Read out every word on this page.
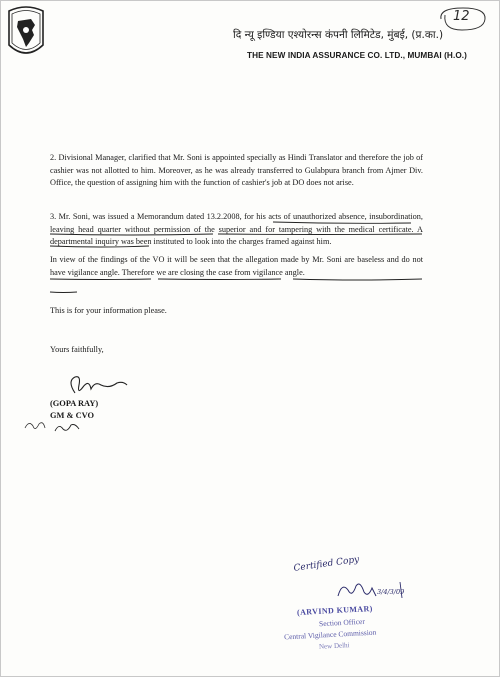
दि न्यू इण्डिया एश्योरन्स कंपनी लिमिटेड, मुंबई, (प्र.का.)
THE NEW INDIA ASSURANCE CO. LTD., MUMBAI (H.O.)
12
2. Divisional Manager, clarified that Mr. Soni is appointed specially as Hindi Translator and therefore the job of cashier was not allotted to him. Moreover, as he was already transferred to Gulabpura branch from Ajmer Div. Office, the question of assigning him with the function of cashier's job at DO does not arise.
3. Mr. Soni, was issued a Memorandum dated 13.2.2008, for his acts of unauthorized absence, insubordination, leaving head quarter without permission of the superior and for tampering with the medical certificate. A departmental inquiry was been instituted to look into the charges framed against him.
In view of the findings of the VO it will be seen that the allegation made by Mr. Soni are baseless and do not have vigilance angle. Therefore we are closing the case from vigilance angle.
This is for your information please.
Yours faithfully,
(GOPA RAY)
GM & CVO
Certified Copy
3/4/3/09
(ARVIND KUMAR)
Section Officer
Central Vigilance Commission
New Delhi
